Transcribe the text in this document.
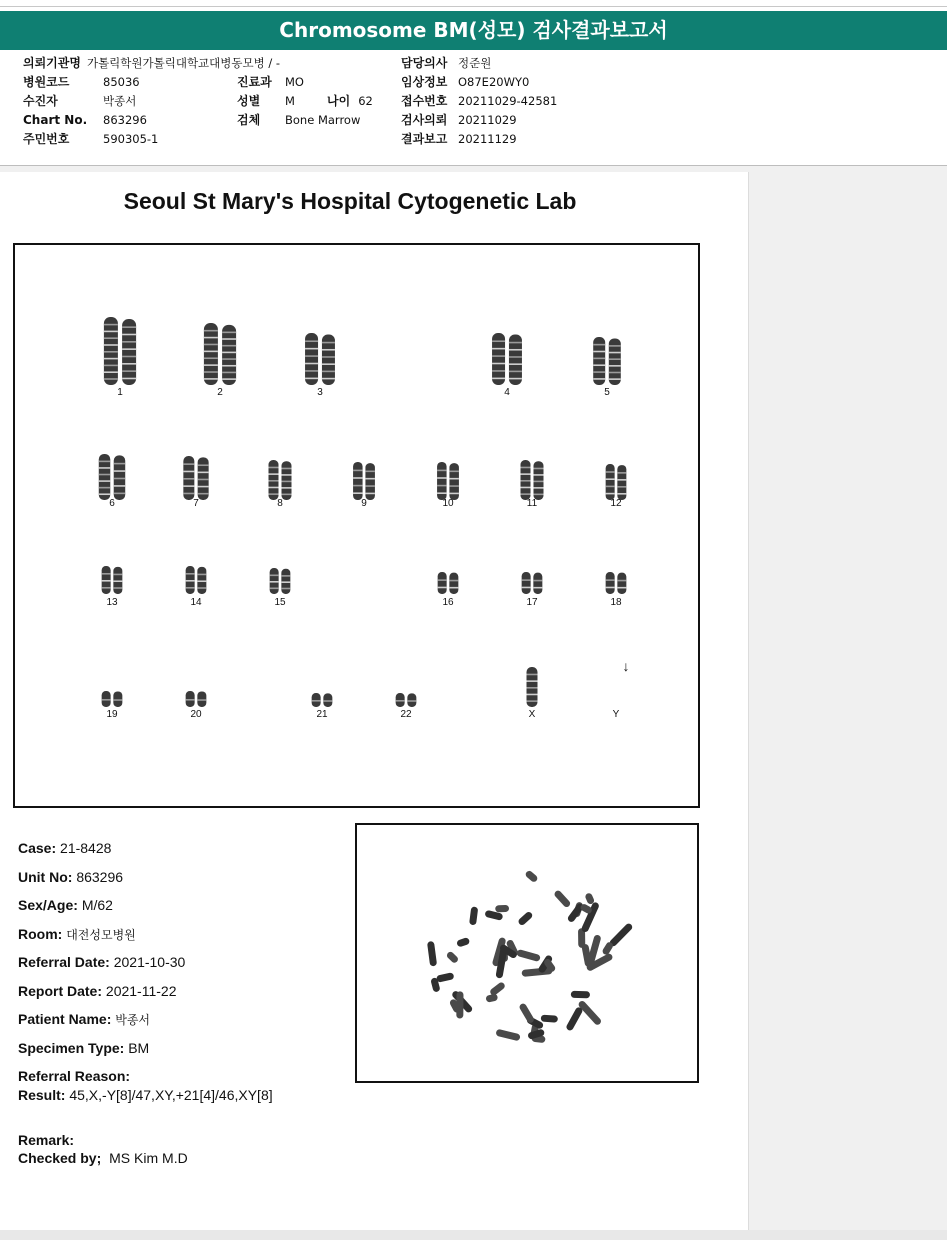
Chromosome BM(성모) 검사결과보고서
의뢰기관명 가톨릭학원가톨릭대학교대병동모병 / -
병원코드	85036
수진자	박종서
Chart No. 863296
주민번호	590305-1
진료과 MO
성별 M	나이 62
검체 Bone Marrow
담당의사 정준원
임상정보 O87E20WY0
접수번호 20211029-42581
검사의뢰 20211029
결과보고 20211129
Seoul St Mary's Hospital Cytogenetic Lab
1	2	3	4	5
6	7	8	9	10	11	12
13	14	15	16	17	18
19	20	21	22	X	Y
↓
Case: 21-8428
Unit No: 863296
Sex/Age: M/62
Room: 대전성모병원
Referral Date: 2021-10-30
Report Date: 2021-11-22
Patient Name: 박종서
Specimen Type: BM
Referral Reason:
Result: 45,X,-Y[8]/47,XY,+21[4]/46,XY[8]
Remark:
Checked by; MS Kim M.D
